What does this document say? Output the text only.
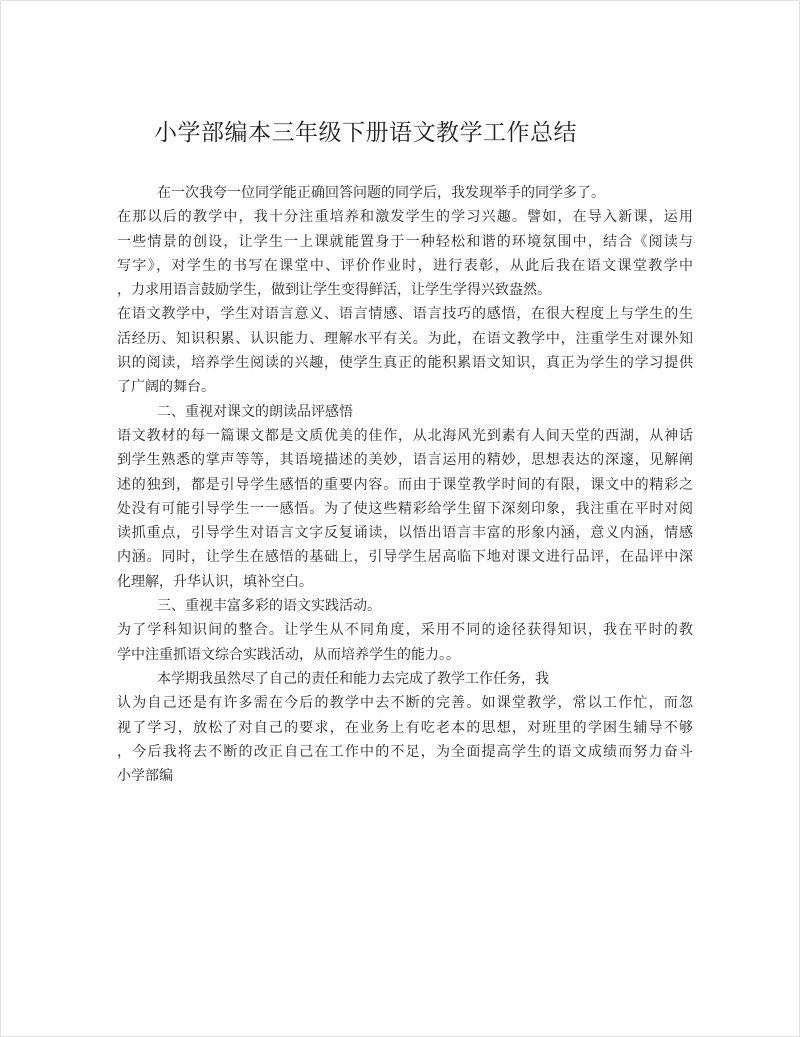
小学部编本三年级下册语文教学工作总结
在一次我夸一位同学能正确回答问题的同学后，我发现举手的同学多了。
在那以后的教学中，我十分注重培养和激发学生的学习兴趣。譬如，在导入新课，运用
一些情景的创设，让学生一上课就能置身于一种轻松和谐的环境氛围中，结合《阅读与
写字》，对学生的书写在课堂中、评价作业时，进行表彰，从此后我在语文课堂教学中
，力求用语言鼓励学生，做到让学生变得鲜活，让学生学得兴致盎然。
在语文教学中，学生对语言意义、语言情感、语言技巧的感悟，在很大程度上与学生的生
活经历、知识积累、认识能力、理解水平有关。为此，在语文教学中，注重学生对课外知
识的阅读，培养学生阅读的兴趣，使学生真正的能积累语文知识，真正为学生的学习提供
了广阔的舞台。
二、重视对课文的朗读品评感悟
语文教材的每一篇课文都是文质优美的佳作，从北海风光到素有人间天堂的西湖，从神话
到学生熟悉的掌声等等，其语境描述的美妙，语言运用的精妙，思想表达的深邃，见解阐
述的独到，都是引导学生感悟的重要内容。而由于课堂教学时间的有限，课文中的精彩之
处没有可能引导学生一一感悟。为了使这些精彩给学生留下深刻印象，我注重在平时对阅
读抓重点，引导学生对语言文字反复诵读，以悟出语言丰富的形象内涵，意义内涵，情感
内涵。同时，让学生在感悟的基础上，引导学生居高临下地对课文进行品评，在品评中深
化理解，升华认识，填补空白。
三、重视丰富多彩的语文实践活动。
为了学科知识间的整合。让学生从不同角度，采用不同的途径获得知识，我在平时的教
学中注重抓语文综合实践活动，从而培养学生的能力。。
本学期我虽然尽了自己的责任和能力去完成了教学工作任务，我
认为自己还是有许多需在今后的教学中去不断的完善。如课堂教学，常以工作忙，而忽
视了学习，放松了对自己的要求，在业务上有吃老本的思想，对班里的学困生辅导不够
，今后我将去不断的改正自己在工作中的不足，为全面提高学生的语文成绩而努力奋斗
小学部编
